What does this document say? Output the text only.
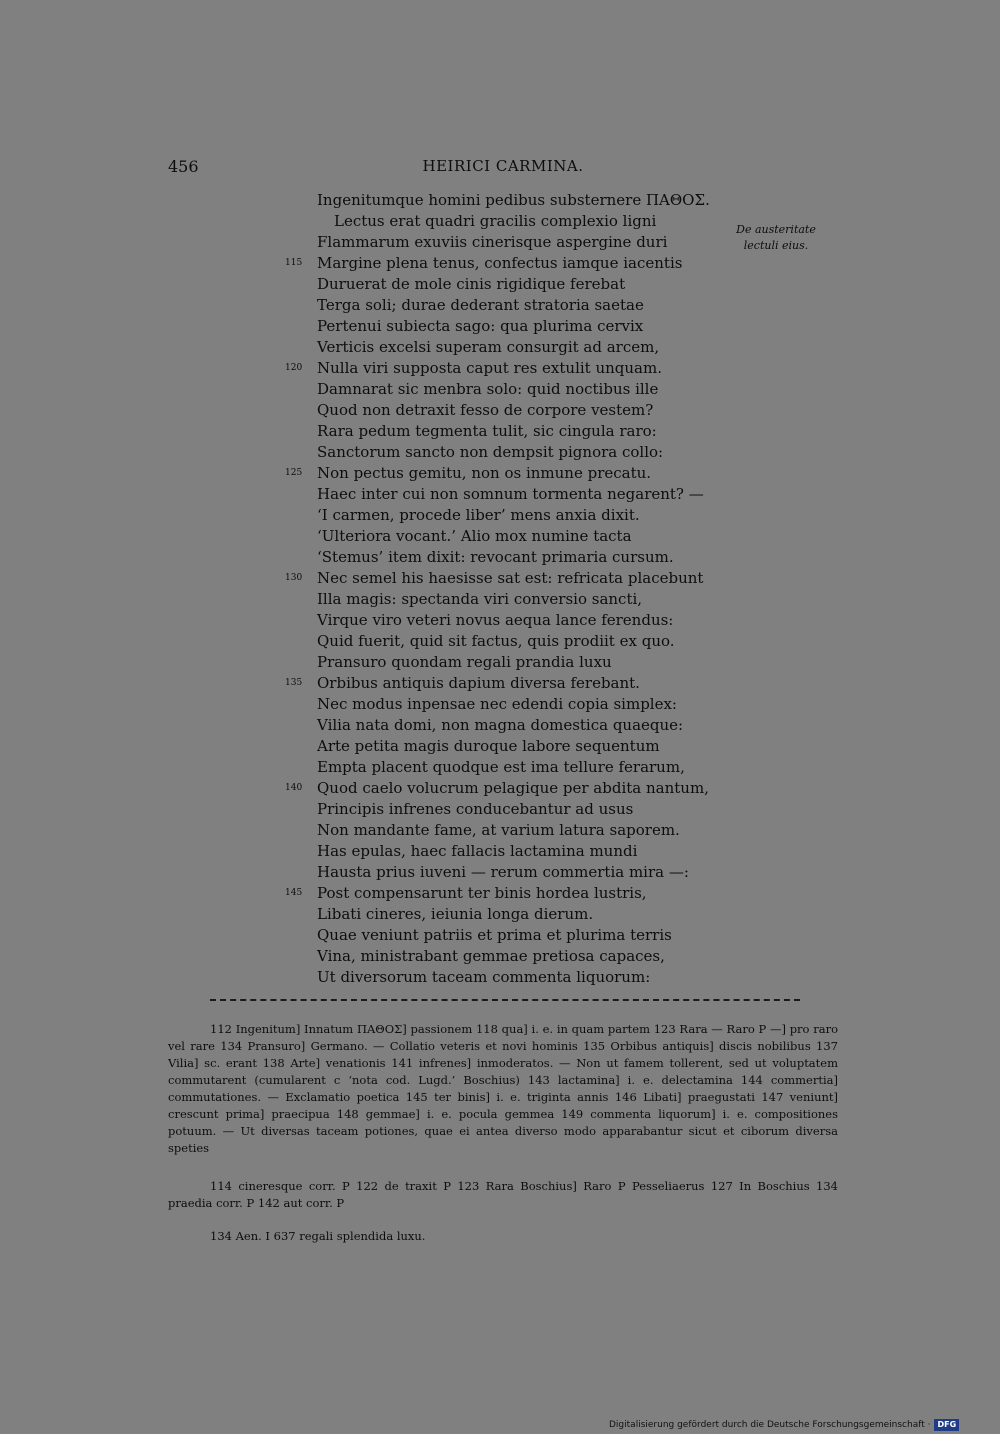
456	HEIRICI CARMINA.
Ingenitumque homini pedibus substernere ΠΑΘΟΣ.
Lectus erat quadri gracilis complexio ligni
Flammarum exuviis cinerisque aspergine duri
115 Margine plena tenus, confectus iamque iacentis
Duruerat de mole cinis rigidique ferebat
Terga soli; durae dederant stratoria saetae
Pertenui subiecta sago: qua plurima cervix
Verticis excelsi superam consurgit ad arcem,
120 Nulla viri supposta caput res extulit unquam.
Damnarat sic menbra solo: quid noctibus ille
Quod non detraxit fesso de corpore vestem?
Rara pedum tegmenta tulit, sic cingula raro:
Sanctorum sancto non dempsit pignora collo:
125 Non pectus gemitu, non os inmune precatu.
Haec inter cui non somnum tormenta negarent? —
‘I carmen, procede liber’ mens anxia dixit.
‘Ulteriora vocant.’ Alio mox numine tacta
‘Stemus’ item dixit: revocant primaria cursum.
130 Nec semel his haesisse sat est: refricata placebunt
Illa magis: spectanda viri conversio sancti,
Virque viro veteri novus aequa lance ferendus:
Quid fuerit, quid sit factus, quis prodiit ex quo.
Pransuro quondam regali prandia luxu
135 Orbibus antiquis dapium diversa ferebant.
Nec modus inpensae nec edendi copia simplex:
Vilia nata domi, non magna domestica quaeque:
Arte petita magis duroque labore sequentum
Empta placent quodque est ima tellure ferarum,
140 Quod caelo volucrum pelagique per abdita nantum,
Principis infrenes conducebantur ad usus
Non mandante fame, at varium latura saporem.
Has epulas, haec fallacis lactamina mundi
Hausta prius iuveni — rerum commertia mira —:
145 Post compensarunt ter binis hordea lustris,
Libati cineres, ieiunia longa dierum.
Quae veniunt patriis et prima et plurima terris
Vina, ministrabant gemmae pretiosa capaces,
Ut diversorum taceam commenta liquorum:
De austeritate lectuli eius.

112 Ingenitum] Innatum ΠΑΘΟΣ] passionem 118 qua] i. e. in quam partem 123 Rara — Raro P —] pro raro vel rare 134 Pransuro] Germano. — Collatio veteris et novi hominis 135 Orbibus antiquis] discis nobilibus 137 Vilia] sc. erant 138 Arte] venationis 141 infrenes] inmoderatos. — Non ut famem tollerent, sed ut voluptatem commutarent (cumularent c ‘nota cod. Lugd.’ Boschius) 143 lactamina] i. e. delectamina 144 commertia] commutationes. — Exclamatio poetica 145 ter binis] i. e. triginta annis 146 Libati] praegustati 147 veniunt] crescunt prima] praecipua 148 gemmae] i. e. pocula gemmea 149 commenta liquorum] i. e. compositiones potuum. — Ut diversas taceam potiones, quae ei antea diverso modo apparabantur sicut et ciborum diversa speties

114 cineresque corr. P 122 de traxit P 123 Rara Boschius] Raro P Pesseliaerus 127 In Boschius 134 praedia corr. P 142 aut corr. P

134 Aen. I 637 regali splendida luxu.

Digitalisierung gefördert durch die Deutsche Forschungsgemeinschaft · DFG
